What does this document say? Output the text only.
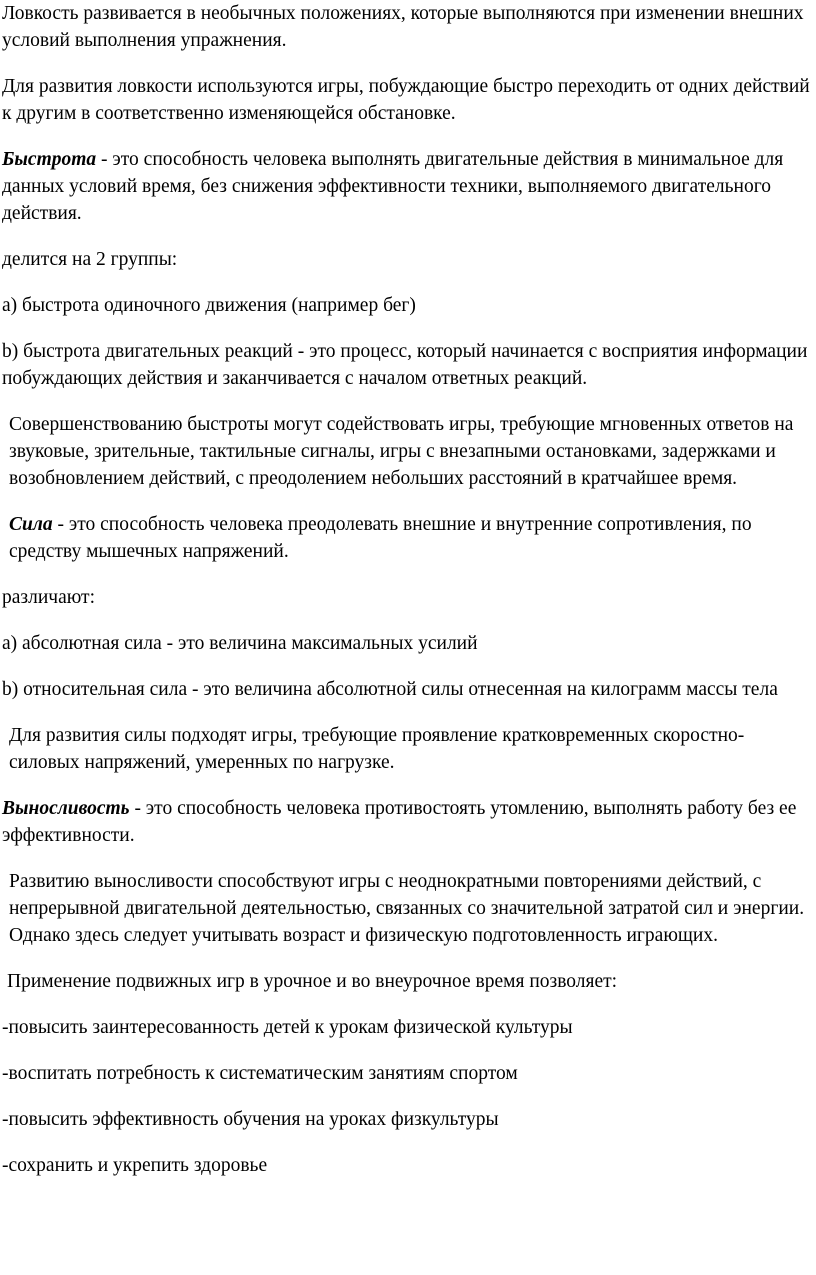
Ловкость развивается в необычных положениях, которые выполняются при изменении внешних условий выполнения упражнения.

Для развития ловкости используются игры, побуждающие быстро переходить от одних действий к другим в соответственно изменяющейся обстановке.

Быстрота - это способность человека выполнять двигательные действия в минимальное для данных условий время, без снижения эффективности техники, выполняемого двигательного действия.

делится на 2 группы:

а) быстрота одиночного движения (например бег)

b) быстрота двигательных реакций - это процесс, который начинается с восприятия информации побуждающих действия и заканчивается с началом ответных реакций.

Совершенствованию быстроты могут содействовать игры, требующие мгновенных ответов на звуковые, зрительные, тактильные сигналы, игры с внезапными остановками, задержками и возобновлением действий, с преодолением небольших расстояний в кратчайшее время.

Сила - это способность человека преодолевать внешние и внутренние сопротивления, по средству мышечных напряжений.

различают:

а) абсолютная сила - это величина максимальных усилий

b) относительная сила - это величина абсолютной силы отнесенная на килограмм массы тела

Для развития силы подходят игры, требующие проявление кратковременных скоростно-силовых напряжений, умеренных по нагрузке.

Выносливость - это способность человека противостоять утомлению, выполнять работу без ее эффективности.

Развитию выносливости способствуют игры с неоднократными повторениями действий, с непрерывной двигательной деятельностью, связанных со значительной затратой сил и энергии. Однако здесь следует учитывать возраст и физическую подготовленность играющих.

Применение подвижных игр в урочное и во внеурочное время позволяет:

-повысить заинтересованность детей к урокам физической культуры

-воспитать потребность к систематическим занятиям спортом

-повысить эффективность обучения на уроках физкультуры

-сохранить и укрепить здоровье
